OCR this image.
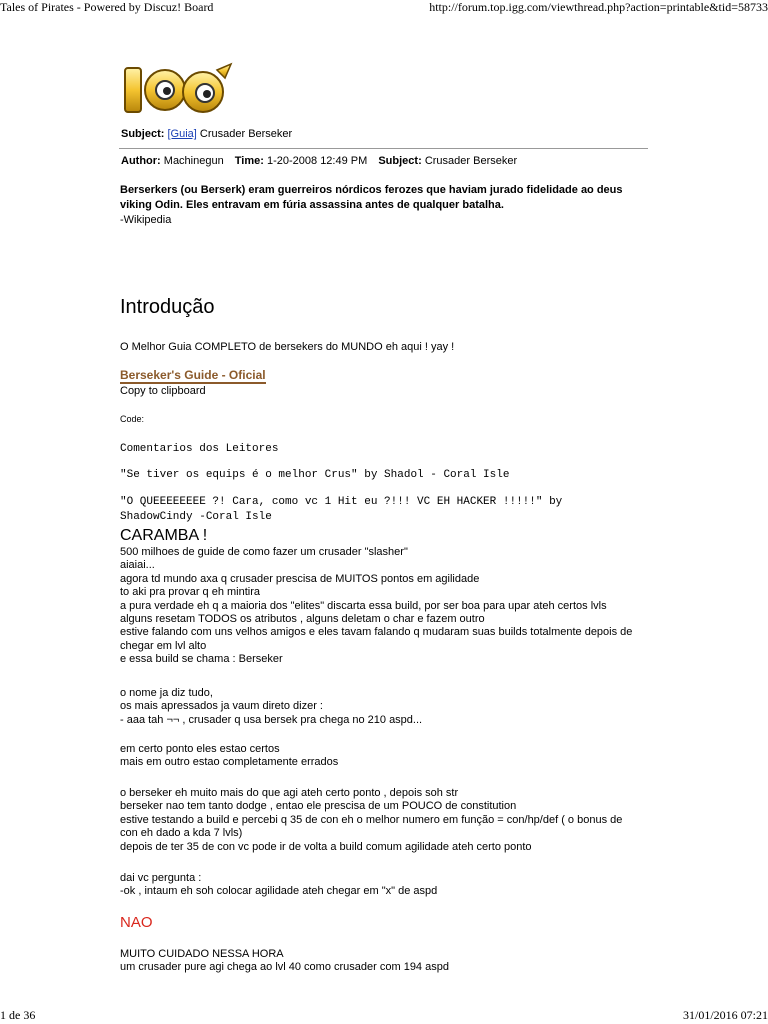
Tales of Pirates - Powered by Discuz! Board	http://forum.top.igg.com/viewthread.php?action=printable&tid=58733
Subject: [Guia] Crusader Berseker
Author: Machinegun Time: 1-20-2008 12:49 PM Subject: Crusader Berseker
Berserkers (ou Berserk) eram guerreiros nórdicos ferozes que haviam jurado fidelidade ao deus viking Odin. Eles entravam em fúria assassina antes de qualquer batalha.
-Wikipedia
Introdução
O Melhor Guia COMPLETO de bersekers do MUNDO eh aqui ! yay !
Berseker's Guide - Oficial
Copy to clipboard
Code:
Comentarios dos Leitores
"Se tiver os equips é o melhor Crus" by Shadol - Coral Isle
"O QUEEEEEEEE ?! Cara, como vc 1 Hit eu ?!!! VC EH HACKER !!!!!" by
ShadowCindy -Coral Isle
CARAMBA !
500 milhoes de guide de como fazer um crusader "slasher"
aiaiai...
agora td mundo axa q crusader prescisa de MUITOS pontos em agilidade
to aki pra provar q eh mintira
a pura verdade eh q a maioria dos "elites" discarta essa build, por ser boa para upar ateh certos lvls
alguns resetam TODOS os atributos , alguns deletam o char e fazem outro
estive falando com uns velhos amigos e eles tavam falando q mudaram suas builds totalmente depois de
chegar em lvl alto
e essa build se chama : Berseker
o nome ja diz tudo,
os mais apressados ja vaum direto dizer :
- aaa tah ¬¬ , crusader q usa bersek pra chega no 210 aspd...
em certo ponto eles estao certos
mais em outro estao completamente errados
o berseker eh muito mais do que agi ateh certo ponto , depois soh str
berseker nao tem tanto dodge , entao ele prescisa de um POUCO de constitution
estive testando a build e percebi q 35 de con eh o melhor numero em função = con/hp/def ( o bonus de
con eh dado a kda 7 lvls)
depois de ter 35 de con vc pode ir de volta a build comum agilidade ateh certo ponto
dai vc pergunta :
-ok , intaum eh soh colocar agilidade ateh chegar em "x" de aspd
NAO
MUITO CUIDADO NESSA HORA
um crusader pure agi chega ao lvl 40 como crusader com 194 aspd
1 de 36	31/01/2016 07:21
